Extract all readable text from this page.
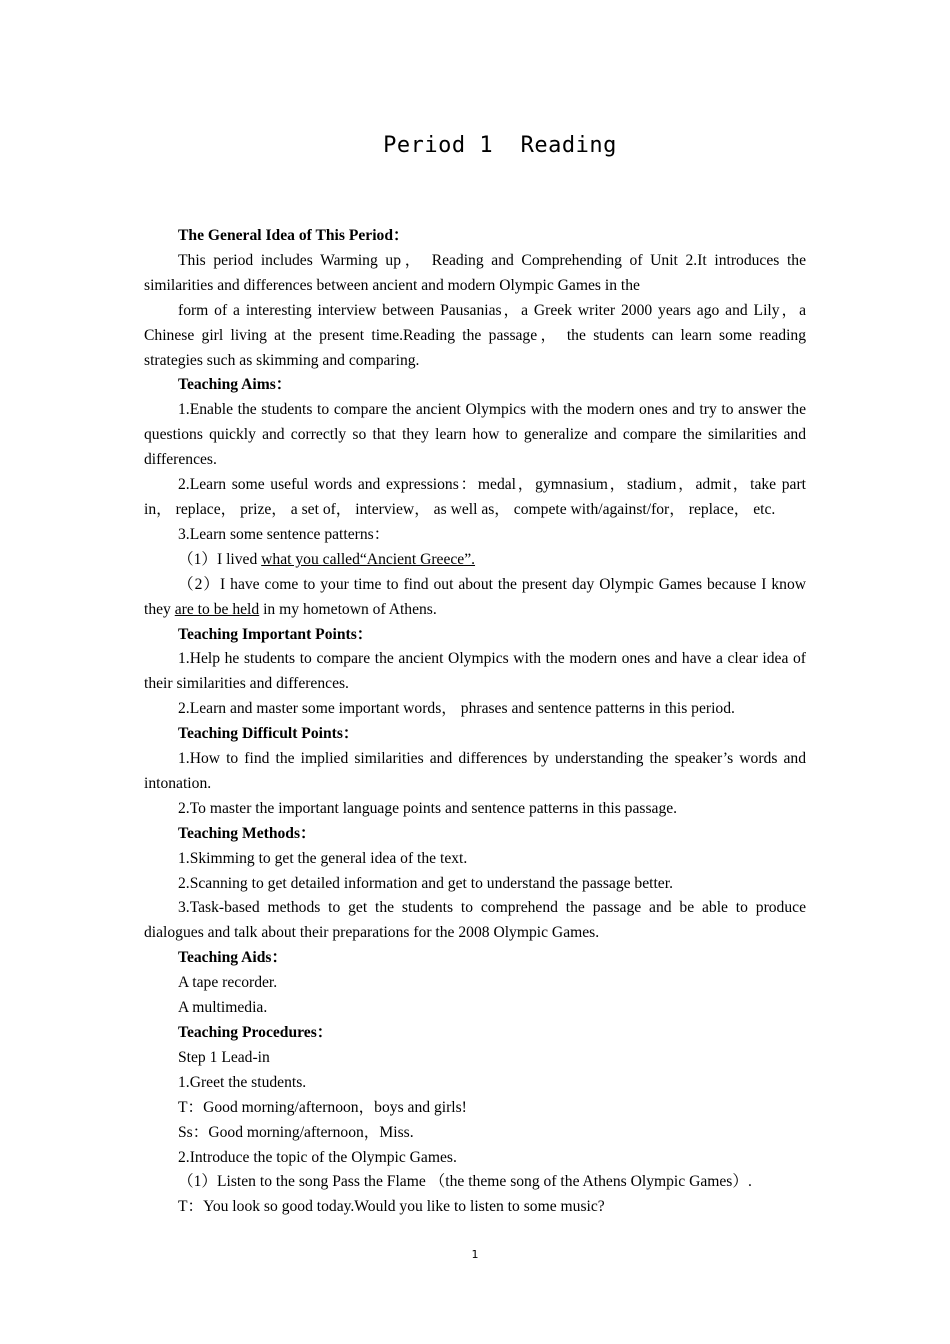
Period 1  Reading

The General Idea of This Period：

This period includes Warming up， Reading and Comprehending of Unit 2.It introduces the similarities and differences between ancient and modern Olympic Games in the

form of a interesting interview between Pausanias，a Greek writer 2000 years ago and Lily，a Chinese girl living at the present time.Reading the passage， the students can learn some reading strategies such as skimming and comparing.

Teaching Aims：

1.Enable the students to compare the ancient Olympics with the modern ones and try to answer the questions quickly and correctly so that they learn how to generalize and compare the similarities and differences.

2.Learn some useful words and expressions：medal，gymnasium，stadium，admit，take part in， replace， prize， a set of， interview， as well as， compete with/against/for， replace， etc.

3.Learn some sentence patterns：

（1）I lived what you called“Ancient Greece”.

（2）I have come to your time to find out about the present day Olympic Games because I know they are to be held in my hometown of Athens.

Teaching Important Points：

1.Help he students to compare the ancient Olympics with the modern ones and have a clear idea of their similarities and differences.

2.Learn and master some important words， phrases and sentence patterns in this period.

Teaching Difficult Points：

1.How to find the implied similarities and differences by understanding the speaker’s words and intonation.

2.To master the important language points and sentence patterns in this passage.

Teaching Methods：

1.Skimming to get the general idea of the text.

2.Scanning to get detailed information and get to understand the passage better.

3.Task-based methods to get the students to comprehend the passage and be able to produce dialogues and talk about their preparations for the 2008 Olympic Games.

Teaching Aids：

A tape recorder.

A multimedia.

Teaching Procedures：

Step 1 Lead-in

1.Greet the students.

T：Good morning/afternoon，boys and girls!

Ss：Good morning/afternoon，Miss.

2.Introduce the topic of the Olympic Games.

（1）Listen to the song Pass the Flame （the theme song of the Athens Olympic Games）.

T：You look so good today.Would you like to listen to some music?

1
